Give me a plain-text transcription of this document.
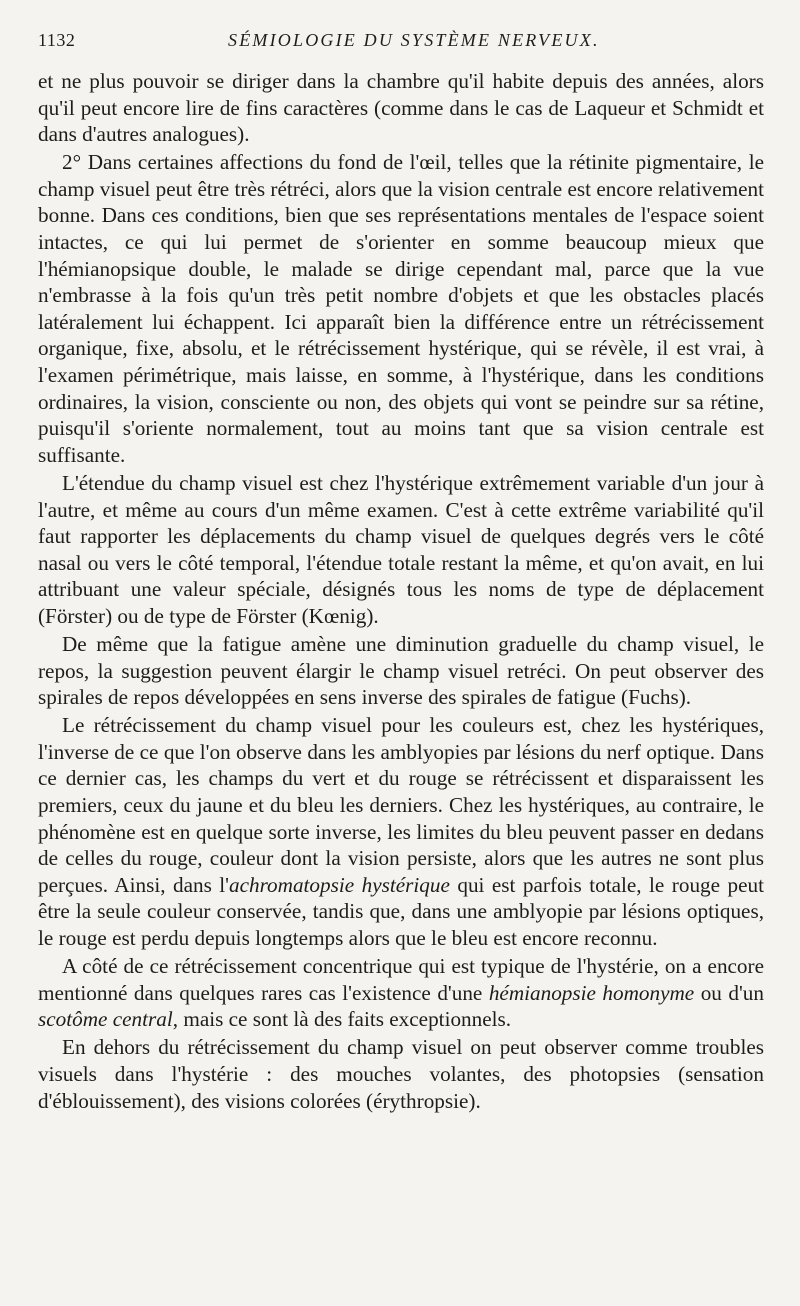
1132	SÉMIOLOGIE DU SYSTÈME NERVEUX.

et ne plus pouvoir se diriger dans la chambre qu'il habite depuis des années, alors qu'il peut encore lire de fins caractères (comme dans le cas de Laqueur et Schmidt et dans d'autres analogues).

2° Dans certaines affections du fond de l'œil, telles que la rétinite pigmentaire, le champ visuel peut être très rétréci, alors que la vision centrale est encore relativement bonne. Dans ces conditions, bien que ses représentations mentales de l'espace soient intactes, ce qui lui permet de s'orienter en somme beaucoup mieux que l'hémianopsique double, le malade se dirige cependant mal, parce que la vue n'embrasse à la fois qu'un très petit nombre d'objets et que les obstacles placés latéralement lui échappent. Ici apparaît bien la différence entre un rétrécissement organique, fixe, absolu, et le rétrécissement hystérique, qui se révèle, il est vrai, à l'examen périmétrique, mais laisse, en somme, à l'hystérique, dans les conditions ordinaires, la vision, consciente ou non, des objets qui vont se peindre sur sa rétine, puisqu'il s'oriente normalement, tout au moins tant que sa vision centrale est suffisante.

L'étendue du champ visuel est chez l'hystérique extrêmement variable d'un jour à l'autre, et même au cours d'un même examen. C'est à cette extrême variabilité qu'il faut rapporter les déplacements du champ visuel de quelques degrés vers le côté nasal ou vers le côté temporal, l'étendue totale restant la même, et qu'on avait, en lui attribuant une valeur spéciale, désignés tous les noms de type de déplacement (Förster) ou de type de Förster (Kœnig).

De même que la fatigue amène une diminution graduelle du champ visuel, le repos, la suggestion peuvent élargir le champ visuel retréci. On peut observer des spirales de repos développées en sens inverse des spirales de fatigue (Fuchs).

Le rétrécissement du champ visuel pour les couleurs est, chez les hystériques, l'inverse de ce que l'on observe dans les amblyopies par lésions du nerf optique. Dans ce dernier cas, les champs du vert et du rouge se rétrécissent et disparaissent les premiers, ceux du jaune et du bleu les derniers. Chez les hystériques, au contraire, le phénomène est en quelque sorte inverse, les limites du bleu peuvent passer en dedans de celles du rouge, couleur dont la vision persiste, alors que les autres ne sont plus perçues. Ainsi, dans l'achromatopsie hystérique qui est parfois totale, le rouge peut être la seule couleur conservée, tandis que, dans une amblyopie par lésions optiques, le rouge est perdu depuis longtemps alors que le bleu est encore reconnu.

A côté de ce rétrécissement concentrique qui est typique de l'hystérie, on a encore mentionné dans quelques rares cas l'existence d'une hémianopsie homonyme ou d'un scotôme central, mais ce sont là des faits exceptionnels.

En dehors du rétrécissement du champ visuel on peut observer comme troubles visuels dans l'hystérie : des mouches volantes, des photopsies (sensation d'éblouissement), des visions colorées (érythropsie).
